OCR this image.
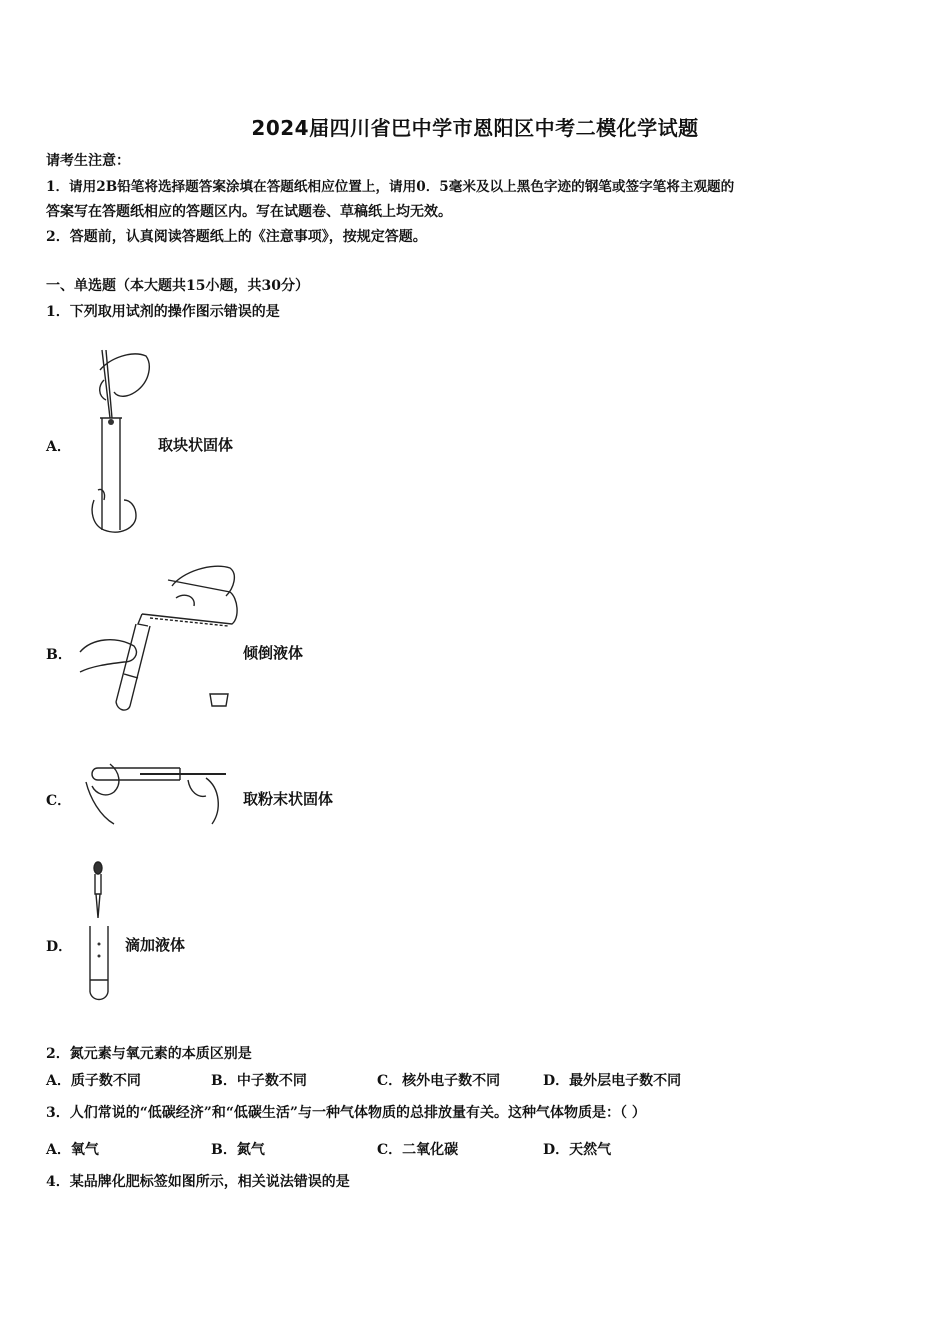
2024届四川省巴中学市恩阳区中考二模化学试题
请考生注意：
1．请用2B铅笔将选择题答案涂填在答题纸相应位置上，请用0．5毫米及以上黑色字迹的钢笔或签字笔将主观题的
答案写在答题纸相应的答题区内。写在试题卷、草稿纸上均无效。
2．答题前，认真阅读答题纸上的《注意事项》，按规定答题。
一、单选题（本大题共15小题，共30分）
1．下列取用试剂的操作图示错误的是
A．	取块状固体
B．	倾倒液体
C．	取粉末状固体
D．	滴加液体
2．氮元素与氧元素的本质区别是
A．质子数不同	B．中子数不同	C．核外电子数不同	D．最外层电子数不同
3．人们常说的“低碳经济”和“低碳生活”与一种气体物质的总排放量有关。这种气体物质是：（ ）
A．氧气	B．氮气	C．二氧化碳	D．天然气
4．某品牌化肥标签如图所示，相关说法错误的是
